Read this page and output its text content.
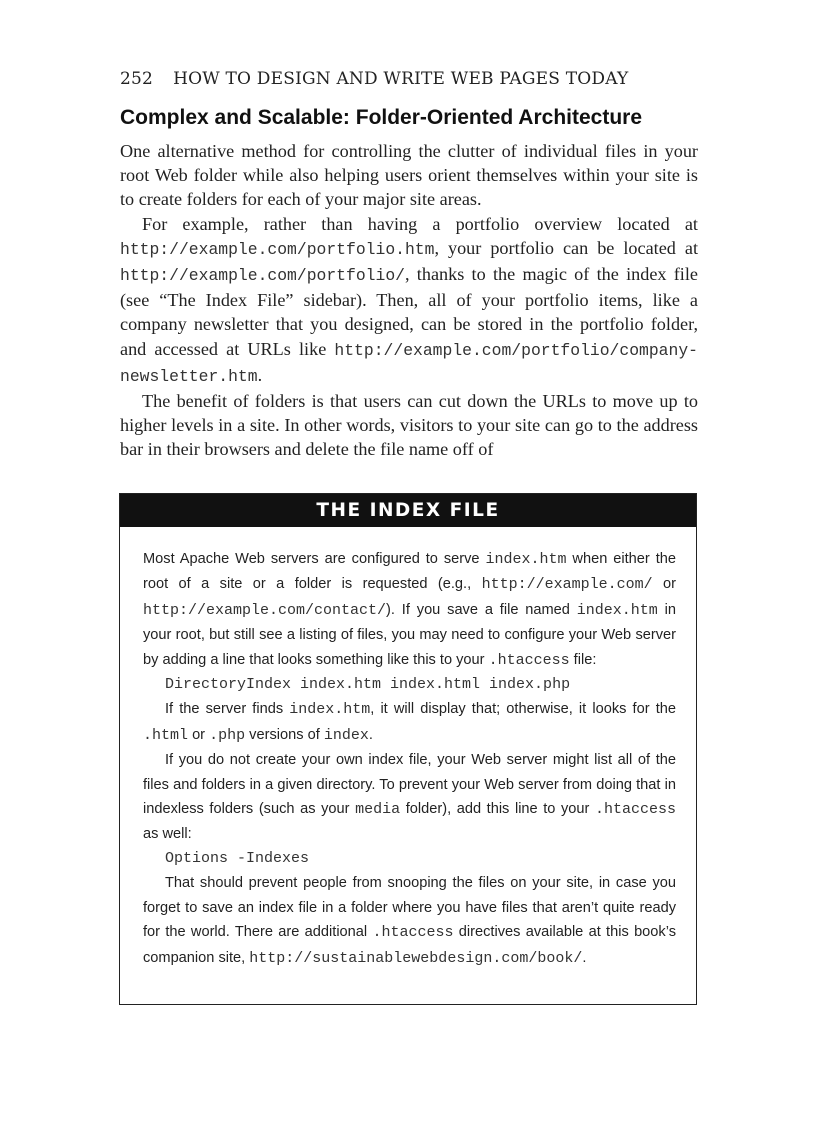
252 HOW TO DESIGN AND WRITE WEB PAGES TODAY
Complex and Scalable: Folder-Oriented Architecture

One alternative method for controlling the clutter of individual files in your root Web folder while also helping users orient themselves within your site is to create folders for each of your major site areas.

For example, rather than having a portfolio overview located at http://example.com/portfolio.htm, your portfolio can be located at http://example.com/portfolio/, thanks to the magic of the index file (see “The Index File” sidebar). Then, all of your portfolio items, like a company newsletter that you designed, can be stored in the portfolio folder, and accessed at URLs like http://example.com/portfolio/company-newsletter.htm.

The benefit of folders is that users can cut down the URLs to move up to higher levels in a site. In other words, visitors to your site can go to the address bar in their browsers and delete the file name off of

THE INDEX FILE

Most Apache Web servers are configured to serve index.htm when either the root of a site or a folder is requested (e.g., http://example.com/ or http://example.com/contact/). If you save a file named index.htm in your root, but still see a listing of files, you may need to configure your Web server by adding a line that looks something like this to your .htaccess file:

DirectoryIndex index.htm index.html index.php

If the server finds index.htm, it will display that; otherwise, it looks for the .html or .php versions of index.

If you do not create your own index file, your Web server might list all of the files and folders in a given directory. To prevent your Web server from doing that in indexless folders (such as your media folder), add this line to your .htaccess as well:

Options -Indexes

That should prevent people from snooping the files on your site, in case you forget to save an index file in a folder where you have files that aren’t quite ready for the world. There are additional .htaccess directives available at this book’s companion site, http://sustainablewebdesign.com/book/.
